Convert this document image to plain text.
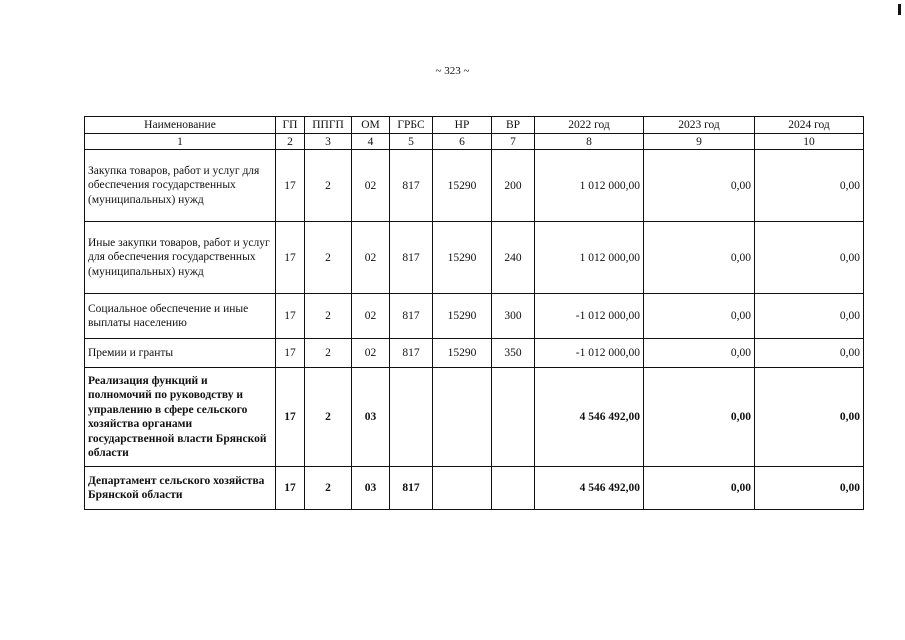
~ 323 ~
Наименование	ГП	ППГП	ОМ	ГРБС	НР	ВР	2022 год	2023 год	2024 год
1	2	3	4	5	6	7	8	9	10
Закупка товаров, работ и услуг для обеспечения государственных (муниципальных) нужд	17	2	02	817	15290	200	1 012 000,00	0,00	0,00
Иные закупки товаров, работ и услуг для обеспечения государственных (муниципальных) нужд	17	2	02	817	15290	240	1 012 000,00	0,00	0,00
Социальное обеспечение и иные выплаты населению	17	2	02	817	15290	300	-1 012 000,00	0,00	0,00
Премии и гранты	17	2	02	817	15290	350	-1 012 000,00	0,00	0,00
Реализация функций и полномочий по руководству и управлению в сфере сельского хозяйства органами государственной власти Брянской области	17	2	03				4 546 492,00	0,00	0,00
Департамент сельского хозяйства Брянской области	17	2	03	817			4 546 492,00	0,00	0,00
